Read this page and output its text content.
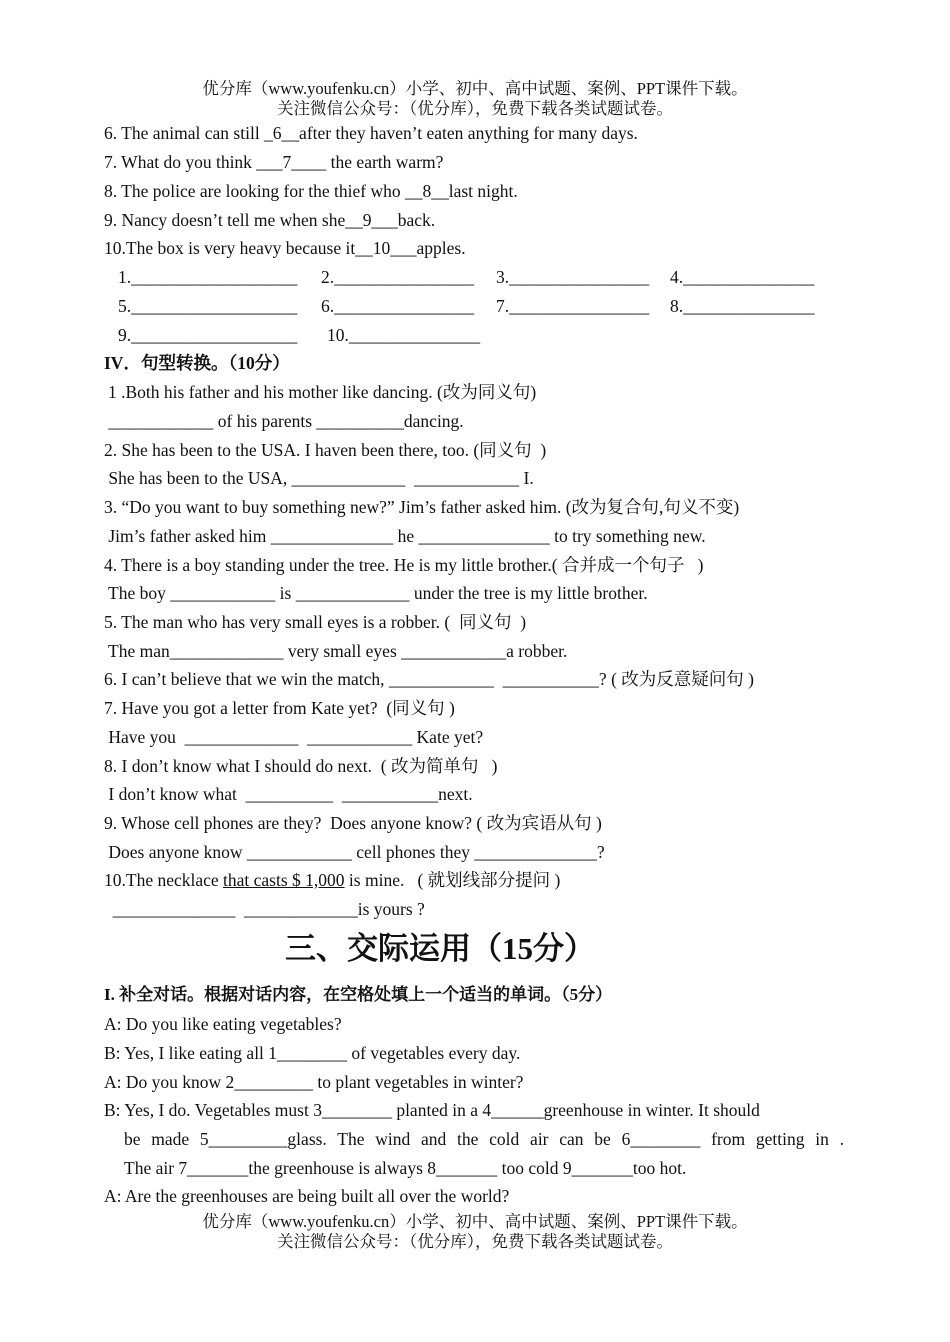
优分库（www.youfenku.cn）小学、初中、高中试题、案例、PPT课件下载。
关注微信公众号：（优分库），免费下载各类试题试卷。
6. The animal can still _6__after they haven’t eaten anything for many days.
7. What do you think ___7____ the earth warm?
8. The police are looking for the thief who __8__last night.
9. Nancy doesn’t tell me when she__9___back.
10.The box is very heavy because it__10___apples.
1.___________________ 2.________________ 3.________________ 4._______________
5.___________________ 6.________________ 7.________________ 8._______________
9.___________________ 10._______________
IV．句型转换。（10分）
1 .Both his father and his mother like dancing. (改为同义句)
____________ of his parents __________dancing.
2. She has been to the USA. I haven been there, too. (同义句  )
She has been to the USA, _____________  ____________ I.
3. “Do you want to buy something new?” Jim’s father asked him. (改为复合句,句义不变)
Jim’s father asked him ______________ he _______________ to try something new.
4. There is a boy standing under the tree. He is my little brother.( 合并成一个句子   )
The boy ____________ is _____________ under the tree is my little brother.
5. The man who has very small eyes is a robber. (  同义句  )
The man_____________ very small eyes ____________a robber.
6. I can’t believe that we win the match, ____________  ___________? ( 改为反意疑问句 )
7. Have you got a letter from Kate yet?  (同义句 )
Have you  _____________  ____________ Kate yet?
8. I don’t know what I should do next.  ( 改为简单句   )
I don’t know what  __________  ___________next.
9. Whose cell phones are they?  Does anyone know? ( 改为宾语从句 )
Does anyone know ____________ cell phones they ______________?
10.The necklace that casts $ 1,000 is mine.   ( 就划线部分提问 )
______________  _____________is yours ?
三、交际运用（15分）
I. 补全对话。根据对话内容，在空格处填上一个适当的单词。（5分）
A: Do you like eating vegetables?
B: Yes, I like eating all 1________ of vegetables every day.
A: Do you know 2_________ to plant vegetables in winter?
B: Yes, I do. Vegetables must 3________ planted in a 4______greenhouse in winter. It should
be made 5_________glass. The wind and the cold air can be 6________ from getting in .
The air 7_______the greenhouse is always 8_______ too cold 9_______too hot.
A: Are the greenhouses are being built all over the world?
优分库（www.youfenku.cn）小学、初中、高中试题、案例、PPT课件下载。
关注微信公众号：（优分库），免费下载各类试题试卷。
